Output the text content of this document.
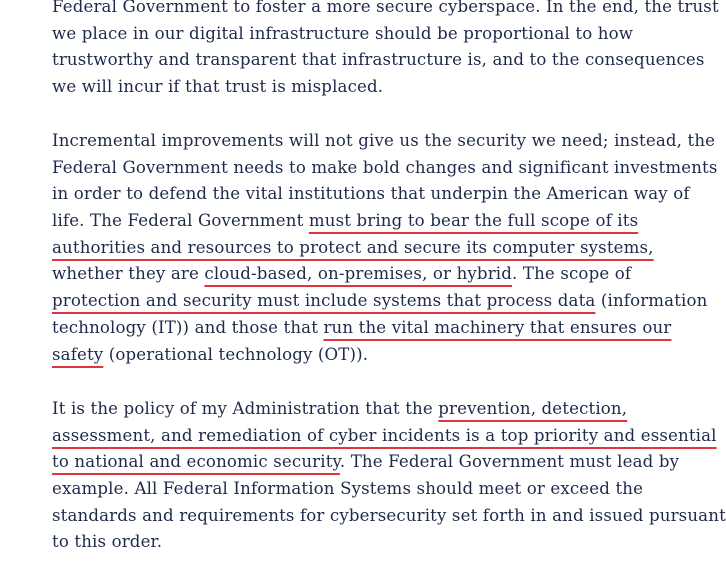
Federal Government to foster a more secure cyberspace. In the end, the trust
we place in our digital infrastructure should be proportional to how
trustworthy and transparent that infrastructure is, and to the consequences
we will incur if that trust is misplaced.
Incremental improvements will not give us the security we need; instead, the
Federal Government needs to make bold changes and significant investments
in order to defend the vital institutions that underpin the American way of
life. The Federal Government must bring to bear the full scope of its
authorities and resources to protect and secure its computer systems,
whether they are cloud-based, on-premises, or hybrid. The scope of
protection and security must include systems that process data (information
technology (IT)) and those that run the vital machinery that ensures our
safety (operational technology (OT)).
It is the policy of my Administration that the prevention, detection,
assessment, and remediation of cyber incidents is a top priority and essential
to national and economic security. The Federal Government must lead by
example. All Federal Information Systems should meet or exceed the
standards and requirements for cybersecurity set forth in and issued pursuant
to this order.
